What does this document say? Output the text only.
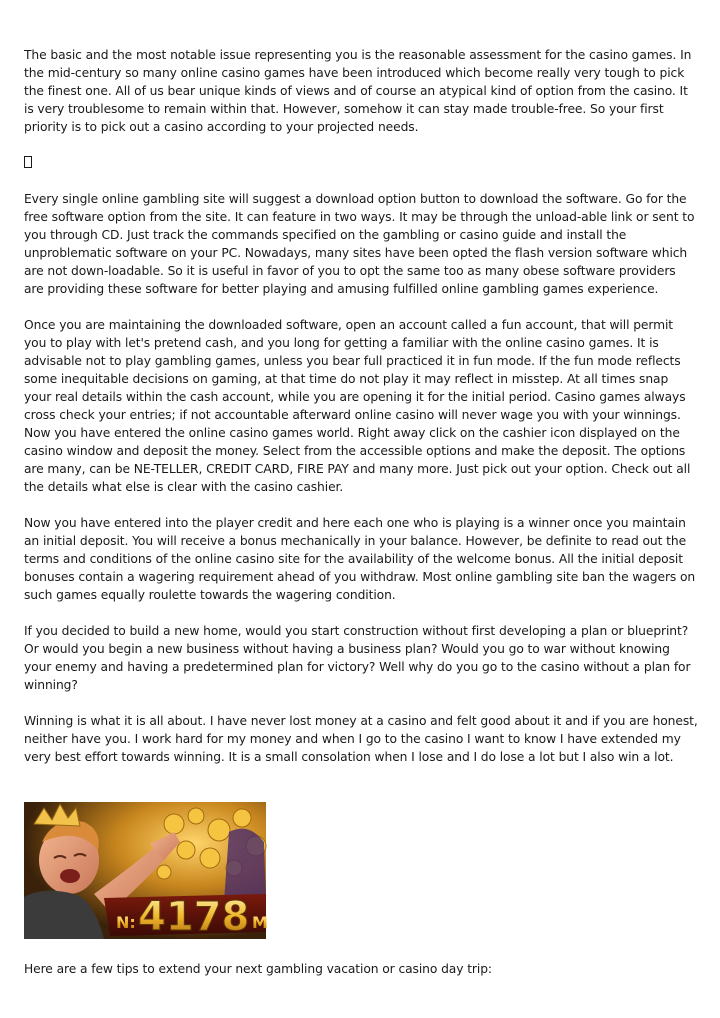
The basic and the most notable issue representing you is the reasonable assessment for the casino games. In the mid-century so many online casino games have been introduced which become really very tough to pick the finest one. All of us bear unique kinds of views and of course an atypical kind of option from the casino. It is very troublesome to remain within that. However, somehow it can stay made trouble-free. So your first priority is to pick out a casino according to your projected needs.

Every single online gambling site will suggest a download option button to download the software. Go for the free software option from the site. It can feature in two ways. It may be through the unload-able link or sent to you through CD. Just track the commands specified on the gambling or casino guide and install the unproblematic software on your PC. Nowadays, many sites have been opted the flash version software which are not down-loadable. So it is useful in favor of you to opt the same too as many obese software providers are providing these software for better playing and amusing fulfilled online gambling games experience.

Once you are maintaining the downloaded software, open an account called a fun account, that will permit you to play with let's pretend cash, and you long for getting a familiar with the online casino games. It is advisable not to play gambling games, unless you bear full practiced it in fun mode. If the fun mode reflects some inequitable decisions on gaming, at that time do not play it may reflect in misstep. At all times snap your real details within the cash account, while you are opening it for the initial period. Casino games always cross check your entries; if not accountable afterward online casino will never wage you with your winnings. Now you have entered the online casino games world. Right away click on the cashier icon displayed on the casino window and deposit the money. Select from the accessible options and make the deposit. The options are many, can be NE-TELLER, CREDIT CARD, FIRE PAY and many more. Just pick out your option. Check out all the details what else is clear with the casino cashier.

Now you have entered into the player credit and here each one who is playing is a winner once you maintain an initial deposit. You will receive a bonus mechanically in your balance. However, be definite to read out the terms and conditions of the online casino site for the availability of the welcome bonus. All the initial deposit bonuses contain a wagering requirement ahead of you withdraw. Most online gambling site ban the wagers on such games equally roulette towards the wagering condition.

If you decided to build a new home, would you start construction without first developing a plan or blueprint? Or would you begin a new business without having a business plan? Would you go to war without knowing your enemy and having a predetermined plan for victory? Well why do you go to the casino without a plan for winning?

Winning is what it is all about. I have never lost money at a casino and felt good about it and if you are honest, neither have you. I work hard for my money and when I go to the casino I want to know I have extended my very best effort towards winning. It is a small consolation when I lose and I do lose a lot but I also win a lot.

N: 4178 M

Here are a few tips to extend your next gambling vacation or casino day trip:
